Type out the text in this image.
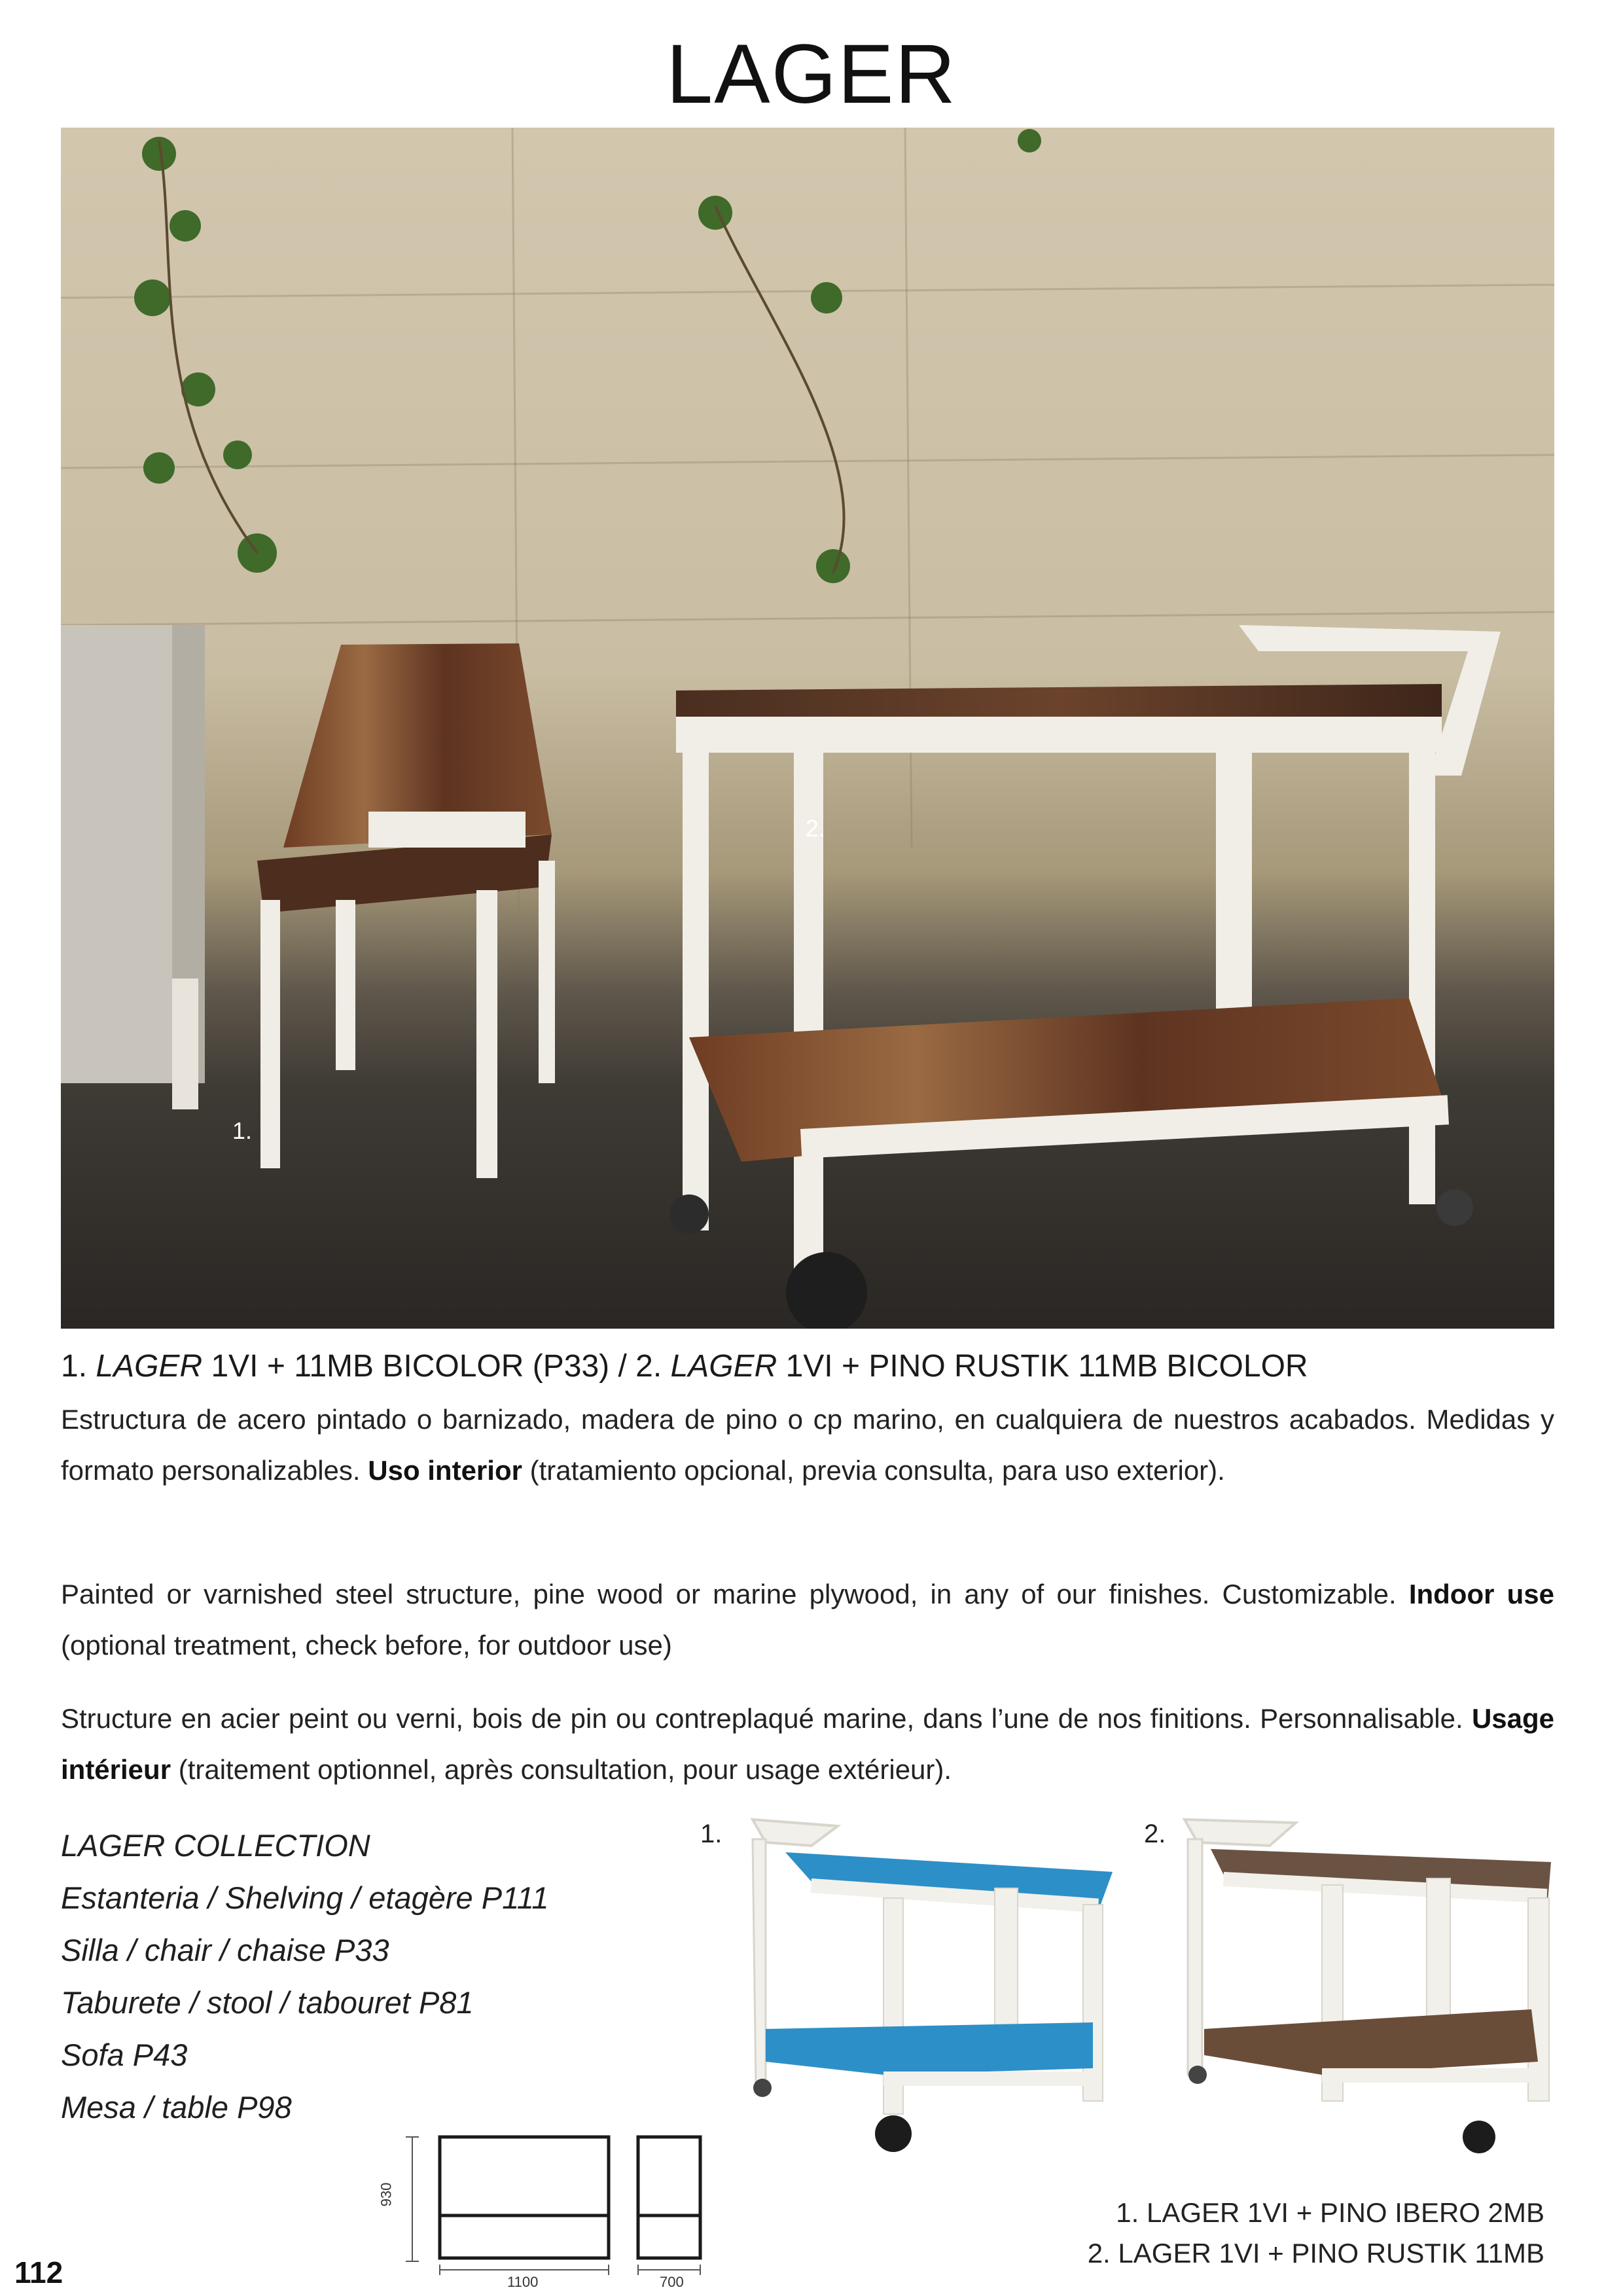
LAGER
2.
1.
1. LAGER 1VI + 11MB BICOLOR (P33) / 2. LAGER 1VI + PINO RUSTIK 11MB BICOLOR
Estructura de acero pintado o barnizado, madera de pino o cp marino, en cualquiera de nuestros acabados. Medidas y formato personalizables. Uso interior (tratamiento opcional, previa consulta, para uso exterior).
Painted or varnished steel structure, pine wood or marine plywood, in any of our finishes. Customizable. Indoor use (optional treatment, check before, for outdoor use)
Structure en acier peint ou verni, bois de pin ou contreplaqué marine, dans l’une de nos finitions. Personnalisable. Usage intérieur (traitement optionnel, après consultation, pour usage extérieur).
LAGER COLLECTION
Estanteria / Shelving / etagère P111
Silla / chair / chaise P33
Taburete / stool / tabouret P81
Sofa P43
Mesa / table P98
1.	2.
930
1100	700
1. LAGER 1VI + PINO IBERO 2MB
2. LAGER 1VI + PINO RUSTIK 11MB
112
